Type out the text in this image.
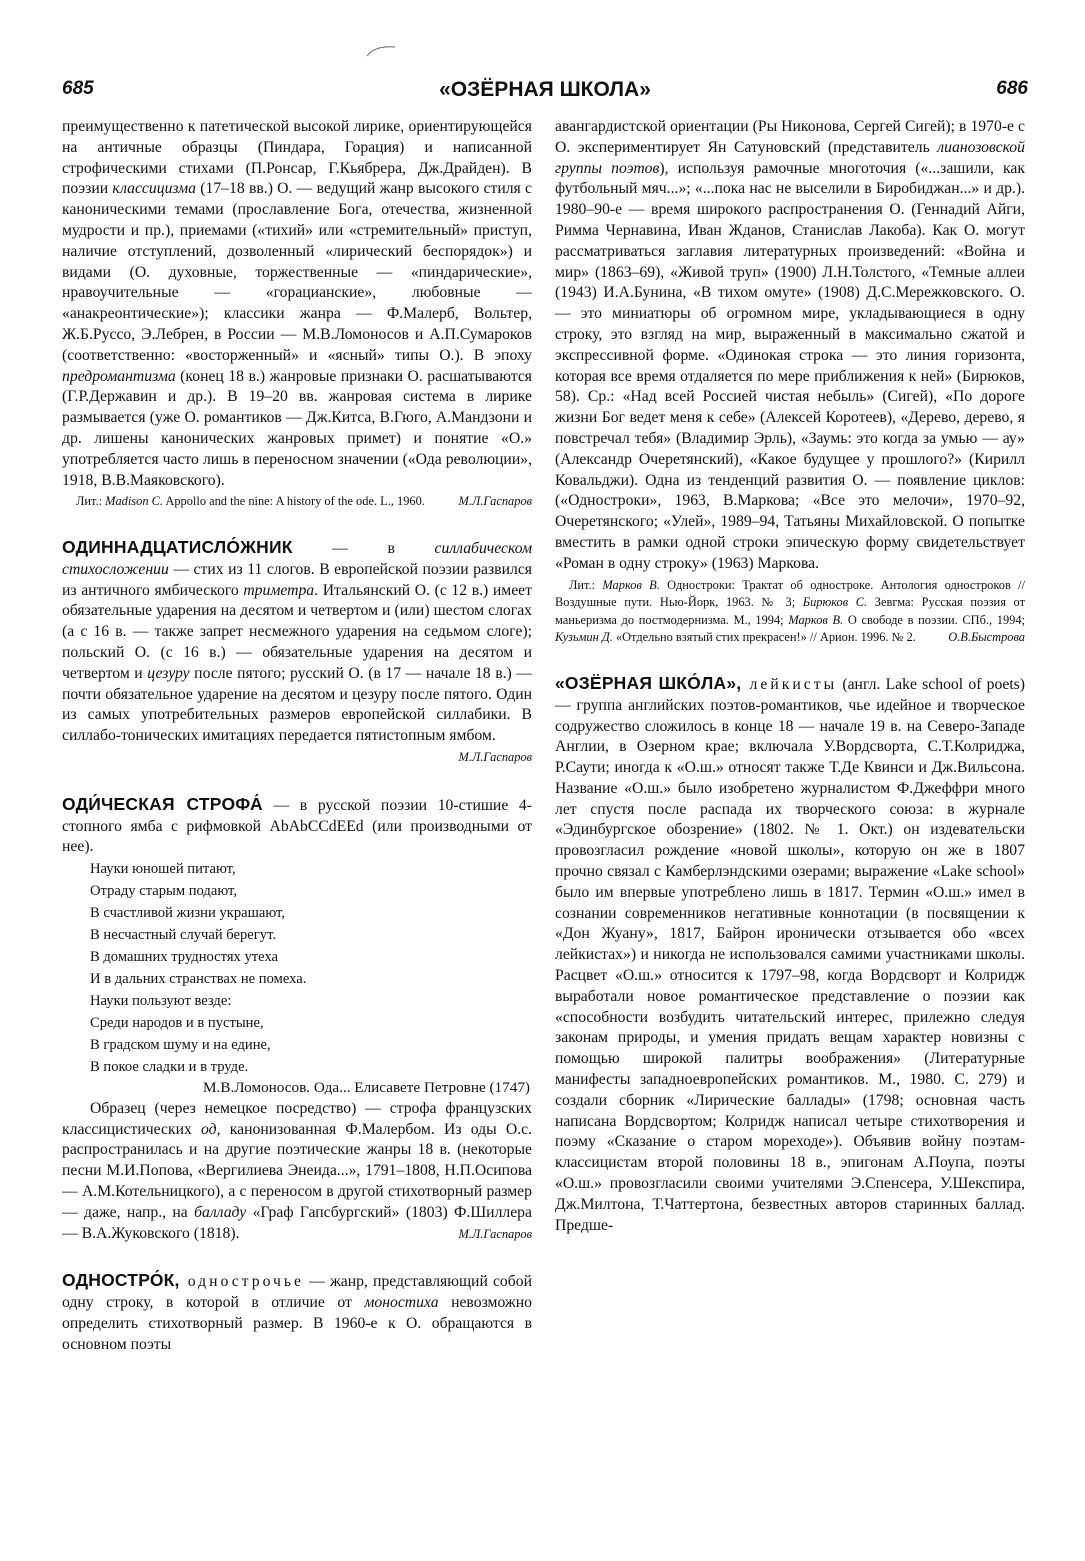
685	«ОЗЁРНАЯ ШКОЛА»	686

преимущественно к патетической высокой лирике, ориентирующейся на античные образцы (Пиндара, Горация) и написанной строфическими стихами (П.Ронсар, Г.Кьябрера, Дж.Драйден). В поэзии классицизма (17–18 вв.) О. — ведущий жанр высокого стиля с каноническими темами (прославление Бога, отечества, жизненной мудрости и пр.), приемами («тихий» или «стремительный» приступ, наличие отступлений, дозволенный «лирический беспорядок») и видами (О. духовные, торжественные — «пиндарические», нравоучительные — «горацианские», любовные — «анакреонтические»); классики жанра — Ф.Малерб, Вольтер, Ж.Б.Руссо, Э.Лебрен, в России — М.В.Ломоносов и А.П.Сумароков (соответственно: «восторженный» и «ясный» типы О.). В эпоху предромантизма (конец 18 в.) жанровые признаки О. расшатываются (Г.Р.Державин и др.). В 19–20 вв. жанровая система в лирике размывается (уже О. романтиков — Дж.Китса, В.Гюго, А.Мандзони и др. лишены канонических жанровых примет) и понятие «О.» употребляется часто лишь в переносном значении («Ода революции», 1918, В.В.Маяковского).

Лит.: Madison C. Appollo and the nine: A history of the ode. L., 1960.	М.Л.Гаспаров

ОДИННАДЦАТИСЛО́ЖНИК — в силлабическом стихосложении — стих из 11 слогов. В европейской поэзии развился из античного ямбического триметра. Итальянский О. (с 12 в.) имеет обязательные ударения на десятом и четвертом и (или) шестом слогах (а с 16 в. — также запрет несмежного ударения на седьмом слоге); польский О. (с 16 в.) — обязательные ударения на десятом и четвертом и цезуру после пятого; русский О. (в 17 — начале 18 в.) — почти обязательное ударение на десятом и цезуру после пятого. Один из самых употребительных размеров европейской силлабики. В силлабо-тонических имитациях передается пятистопным ямбом.
М.Л.Гаспаров

ОДИ́ЧЕСКАЯ СТРОФА́ — в русской поэзии 10-стишие 4-стопного ямба с рифмовкой AbAbCCdEEd (или производными от нее).

Науки юношей питают,
Отраду старым подают,
В счастливой жизни украшают,
В несчастный случай берегут.
В домашних трудностях утеха
И в дальних странствах не помеха.
Науки пользуют везде:
Среди народов и в пустыне,
В градском шуму и на едине,
В покое сладки и в труде.

М.В.Ломоносов. Ода... Елисавете Петровне (1747)

Образец (через немецкое посредство) — строфа французских классицистических од, канонизованная Ф.Малербом. Из оды О.с. распространилась и на другие поэтические жанры 18 в. (некоторые песни М.И.Попова, «Вергилиева Энеида...», 1791–1808, Н.П.Осипова — А.М.Котельницкого), а с переносом в другой стихотворный размер — даже, напр., на балладу «Граф Гапсбургский» (1803) Ф.Шиллера — В.А.Жуковского (1818).	М.Л.Гаспаров

ОДНОСТРО́К, однострочье — жанр, представляющий собой одну строку, в которой в отличие от моностиха невозможно определить стихотворный размер. В 1960-е к О. обращаются в основном поэты

авангардистской ориентации (Ры Никонова, Сергей Сигей); в 1970-е с О. экспериментирует Ян Сатуновский (представитель лианозовской группы поэтов), используя рамочные многоточия («...зашили, как футбольный мяч...»; «...пока нас не выселили в Биробиджан...» и др.). 1980–90-е — время широкого распространения О. (Геннадий Айги, Римма Чернавина, Иван Жданов, Станислав Лакоба). Как О. могут рассматриваться заглавия литературных произведений: «Война и мир» (1863–69), «Живой труп» (1900) Л.Н.Толстого, «Темные аллеи (1943) И.А.Бунина, «В тихом омуте» (1908) Д.С.Мережковского. О. — это миниатюры об огромном мире, укладывающиеся в одну строку, это взгляд на мир, выраженный в максимально сжатой и экспрессивной форме. «Одинокая строка — это линия горизонта, которая все время отдаляется по мере приближения к ней» (Бирюков, 58). Ср.: «Над всей Россией чистая небыль» (Сигей), «По дороге жизни Бог ведет меня к себе» (Алексей Коротеев), «Дерево, дерево, я повстречал тебя» (Владимир Эрль), «Заумь: это когда за умью — ау» (Александр Очеретянский), «Какое будущее у прошлого?» (Кирилл Ковальджи). Одна из тенденций развития О. — появление циклов: («Одностроки», 1963, В.Маркова; «Все это мелочи», 1970–92, Очеретянского; «Улей», 1989–94, Татьяны Михайловской. О попытке вместить в рамки одной строки эпическую форму свидетельствует «Роман в одну строку» (1963) Маркова.

Лит.: Марков В. Одностроки: Трактат об одностроке. Антология одностроков // Воздушные пути. Нью-Йорк, 1963. № 3; Бирюков С. Зевгма: Русская поэзия от маньеризма до постмодернизма. М., 1994; Марков В. О свободе в поэзии. СПб., 1994; Кузьмин Д. «Отдельно взятый стих прекрасен!» // Арион. 1996. № 2.	О.В.Быстрова

«ОЗЁРНАЯ ШКО́ЛА», лейкисты (англ. Lake school of poets) — группа английских поэтов-романтиков, чье идейное и творческое содружество сложилось в конце 18 — начале 19 в. на Северо-Западе Англии, в Озерном крае; включала У.Вордсворта, С.Т.Колриджа, Р.Саути; иногда к «О.ш.» относят также Т.Де Квинси и Дж.Вильсона. Название «О.ш.» было изобретено журналистом Ф.Джеффри много лет спустя после распада их творческого союза: в журнале «Эдинбургское обозрение» (1802. № 1. Окт.) он издевательски провозгласил рождение «новой школы», которую он же в 1807 прочно связал с Камберлэндскими озерами; выражение «Lake school» было им впервые употреблено лишь в 1817. Термин «О.ш.» имел в сознании современников негативные коннотации (в посвящении к «Дон Жуану», 1817, Байрон иронически отзывается обо «всех лейкистах») и никогда не использовался самими участниками школы. Расцвет «О.ш.» относится к 1797–98, когда Вордсворт и Колридж выработали новое романтическое представление о поэзии как «способности возбудить читательский интерес, прилежно следуя законам природы, и умения придать вещам характер новизны с помощью широкой палитры воображения» (Литературные манифесты западноевропейских романтиков. М., 1980. С. 279) и создали сборник «Лирические баллады» (1798; основная часть написана Вордсвортом; Колридж написал четыре стихотворения и поэму «Сказание о старом мореходе»). Объявив войну поэтам-классицистам второй половины 18 в., эпигонам А.Поупа, поэты «О.ш.» провозгласили своими учителями Э.Спенсера, У.Шекспира, Дж.Милтона, Т.Чаттертона, безвестных авторов старинных баллад. Предше-
